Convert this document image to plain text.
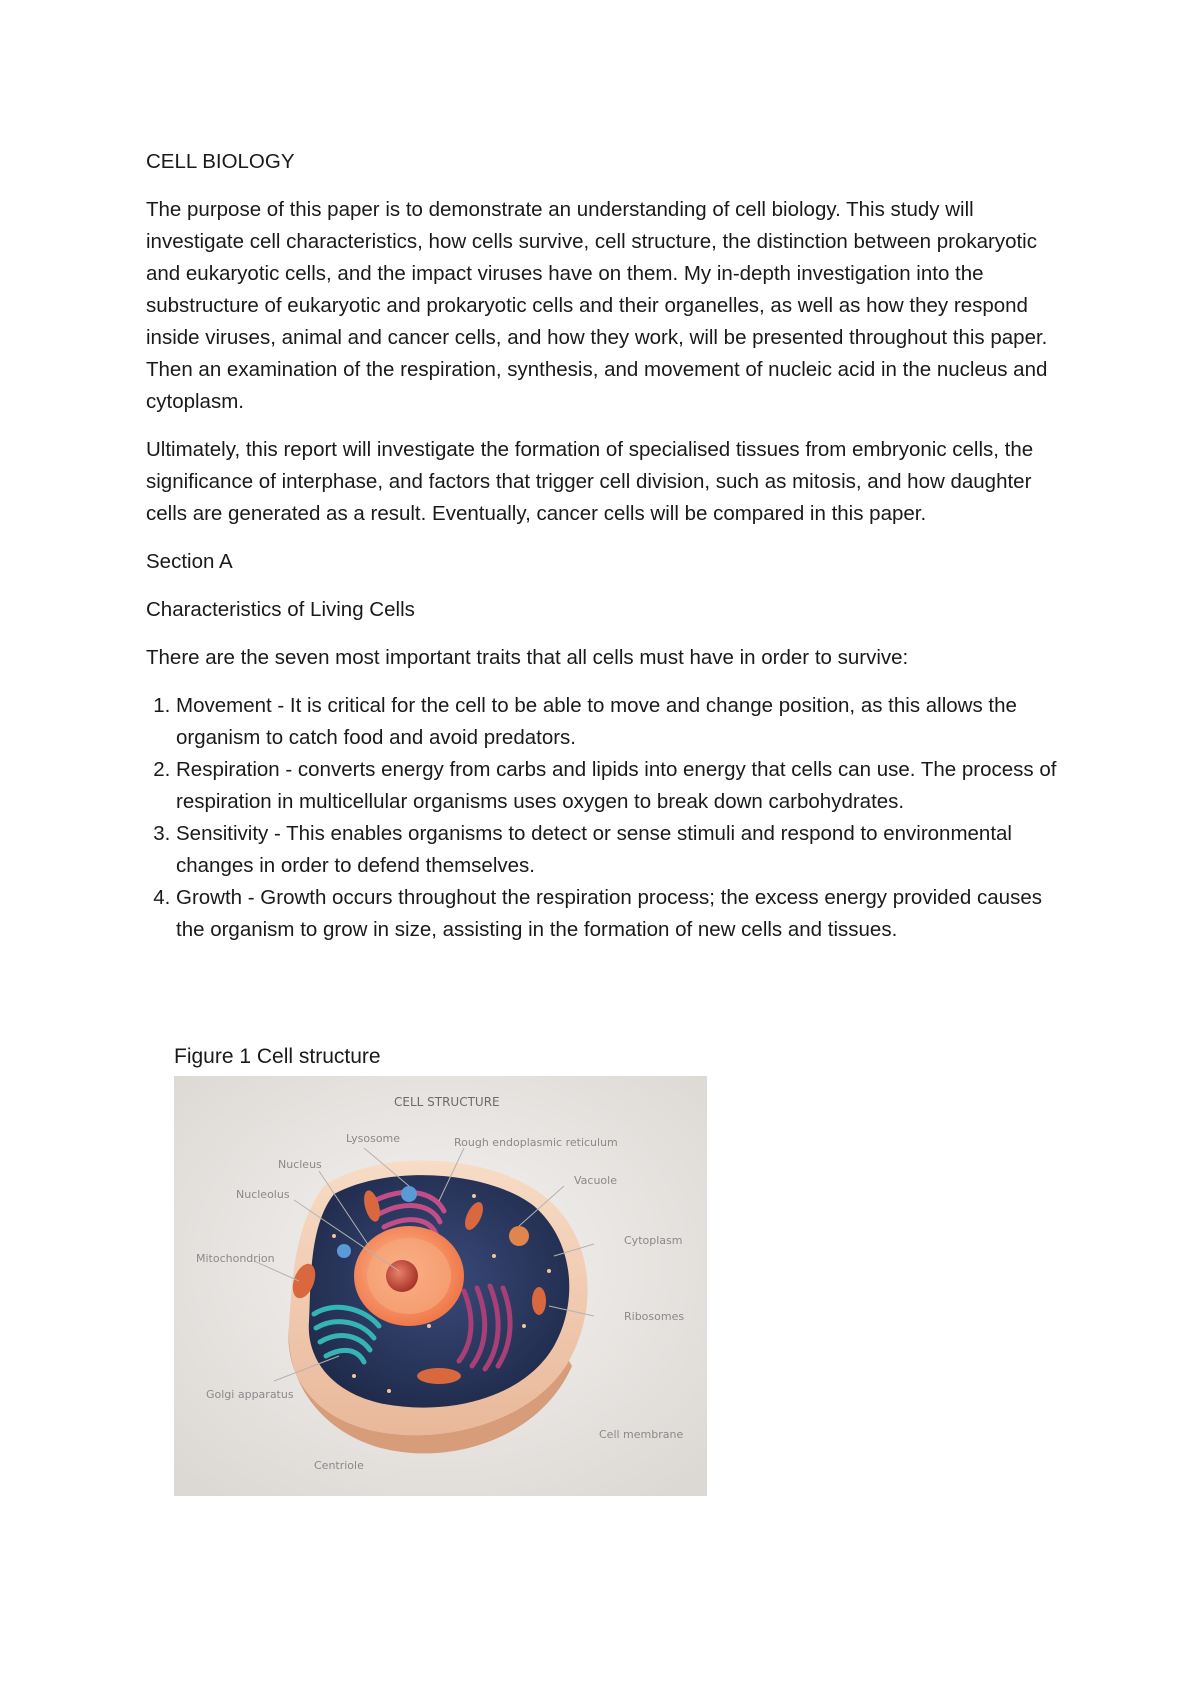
CELL BIOLOGY

The purpose of this paper is to demonstrate an understanding of cell biology. This study will investigate cell characteristics, how cells survive, cell structure, the distinction between prokaryotic and eukaryotic cells, and the impact viruses have on them. My in-depth investigation into the substructure of eukaryotic and prokaryotic cells and their organelles, as well as how they respond inside viruses, animal and cancer cells, and how they work, will be presented throughout this paper. Then an examination of the respiration, synthesis, and movement of nucleic acid in the nucleus and cytoplasm.

Ultimately, this report will investigate the formation of specialised tissues from embryonic cells, the significance of interphase, and factors that trigger cell division, such as mitosis, and how daughter cells are generated as a result. Eventually, cancer cells will be compared in this paper.

Section A

Characteristics of Living Cells

There are the seven most important traits that all cells must have in order to survive:

1. Movement - It is critical for the cell to be able to move and change position, as this allows the organism to catch food and avoid predators.
2. Respiration - converts energy from carbs and lipids into energy that cells can use. The process of respiration in multicellular organisms uses oxygen to break down carbohydrates.
3. Sensitivity - This enables organisms to detect or sense stimuli and respond to environmental changes in order to defend themselves.
4. Growth - Growth occurs throughout the respiration process; the excess energy provided causes the organism to grow in size, assisting in the formation of new cells and tissues.

Figure 1 Cell structure

CELL STRUCTURE
Lysosome	Rough endoplasmic reticulum
Nucleus
Nucleolus
Vacuole
Cytoplasm
Mitochondrion
Ribosomes
Golgi apparatus
Cell membrane
Centriole
